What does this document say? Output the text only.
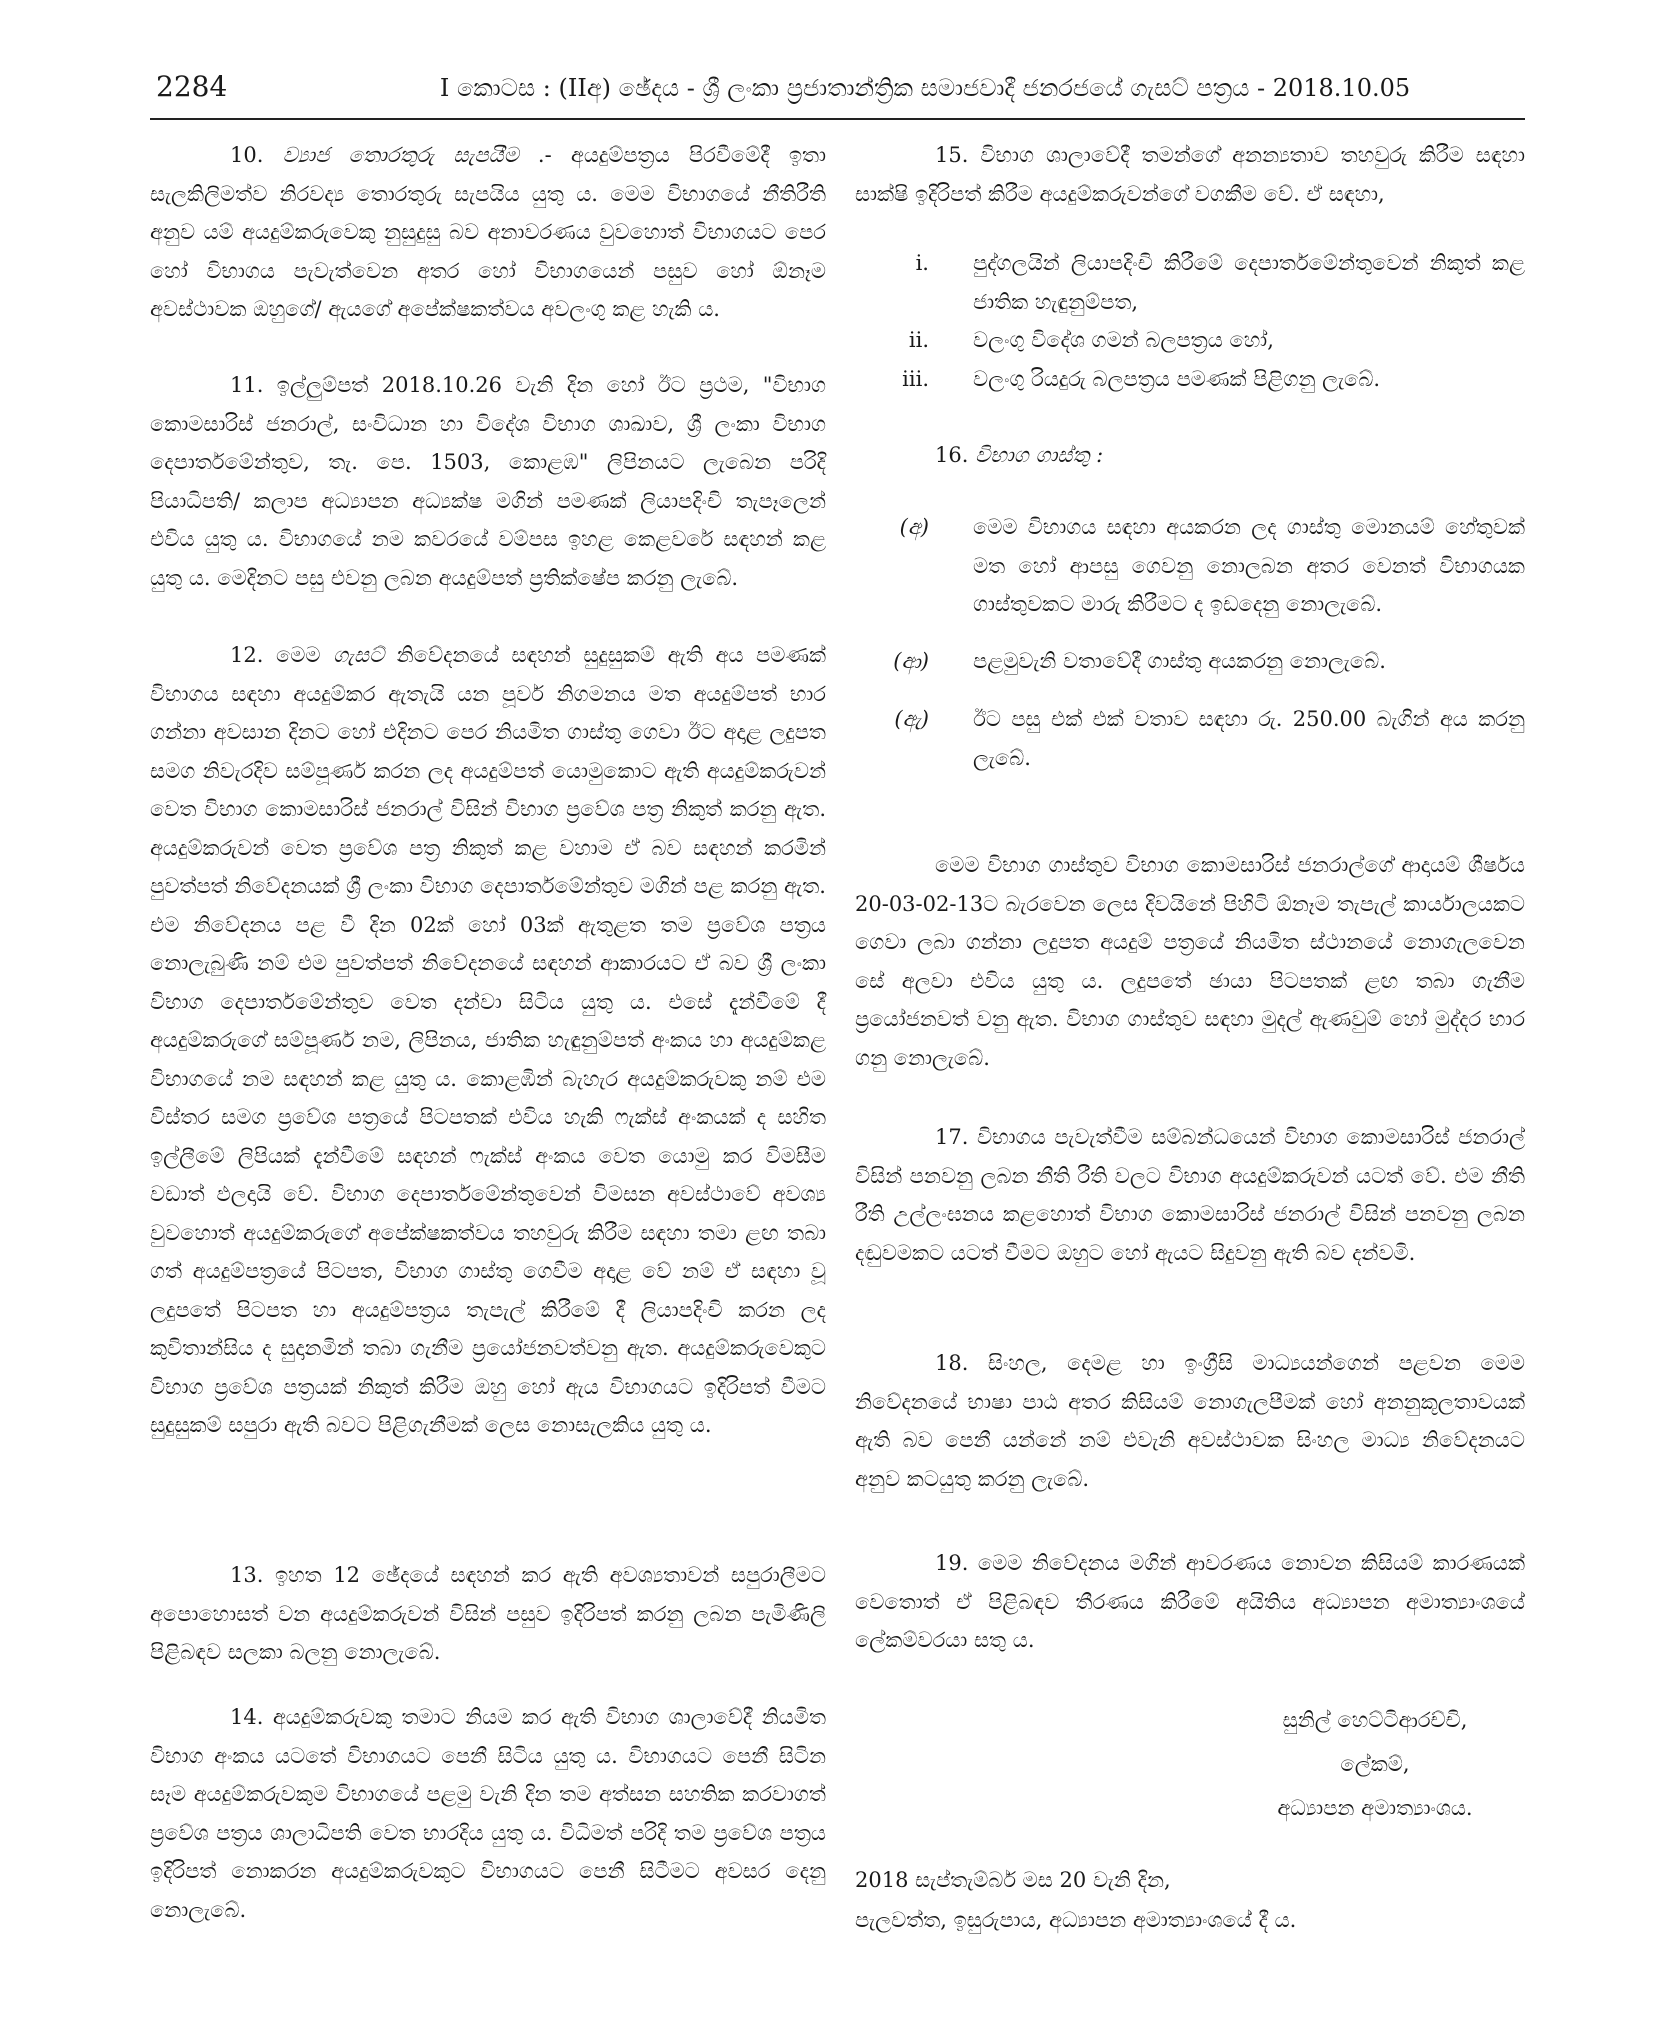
2284	I කොටස : (IIඅ) ඡේදය - ශ්‍රී ලංකා ප්‍රජාතාන්ත්‍රික සමාජවාදී ජනරජයේ ගැසට් පත්‍රය - 2018.10.05

10. ව්‍යාජ තොරතුරු සැපයීම .- අයදුම්පත්‍රය පිරවීමේදී ඉතා සැලකිලිමත්ව නිරවද්‍ය තොරතුරු සැපයිය යුතු ය. මෙම විභාගයේ නීතිරීති අනුව යම් අයදුම්කරුවෙකු නුසුදුසු බව අනාවරණය වුවහොත් විභාගයට පෙර හෝ විභාගය පැවැත්වෙන අතර හෝ විභාගයෙන් පසුව හෝ ඕනෑම අවස්ථාවක ඔහුගේ/ ඇයගේ අපේක්ෂකත්වය අවලංගු කළ හැකි ය.

11. ඉල්ලුම්පත් 2018.10.26 වැනි දින හෝ ඊට ප්‍රථම, "විභාග කොමසාරිස් ජනරාල්, සංවිධාන හා විදේශ විභාග ශාඛාව, ශ්‍රී ලංකා විභාග දෙපාර්තමේන්තුව, තැ. පෙ. 1503, කොළඹ" ලිපිනයට ලැබෙන පරිදි පියාධිපති/ කලාප අධ්‍යාපන අධ්‍යක්ෂ මගින් පමණක් ලියාපදිංචි තැපෑලෙන් එවිය යුතු ය. විභාගයේ නම කවරයේ වම්පස ඉහළ කෙළවරේ සඳහන් කළ යුතු ය. මෙදිනට පසු එවනු ලබන අයදුම්පත් ප්‍රතික්ෂේප කරනු ලැබේ.

12. මෙම ගැසට් නිවේදනයේ සඳහන් සුදුසුකම් ඇති අය පමණක් විභාගය සඳහා අයදුම්කර ඇතැයි යන පූර්ව නිගමනය මත අයදුම්පත් භාර ගන්නා අවසාන දිනට හෝ එදිනට පෙර නියමිත ගාස්තු ගෙවා ඊට අදාළ ලදුපත සමග නිවැරදිව සම්පූර්ණ කරන ලද අයදුම්පත් යොමුකොට ඇති අයදුම්කරුවන් වෙත විභාග කොමසාරිස් ජනරාල් විසින් විභාග ප්‍රවේශ පත්‍ර නිකුත් කරනු ඇත. අයදුම්කරුවන් වෙත ප්‍රවේශ පත්‍ර නිකුත් කළ වහාම ඒ බව සඳහන් කරමින් පුවත්පත් නිවේදනයක් ශ්‍රී ලංකා විභාග දෙපාර්තමේන්තුව මගින් පළ කරනු ඇත. එම නිවේදනය පළ වී දින 02ක් හෝ 03ක් ඇතුළත තම ප්‍රවේශ පත්‍රය නොලැබුණි නම් එම පුවත්පත් නිවේදනයේ සඳහන් ආකාරයට ඒ බව ශ්‍රී ලංකා විභාග දෙපාර්තමේන්තුව වෙත දන්වා සිටිය යුතු ය. එසේ දැන්වීමේ දී අයදුම්කරුගේ සම්පූර්ණ නම, ලිපිනය, ජාතික හැඳුනුම්පත් අංකය හා අයදුම්කළ විභාගයේ නම සඳහන් කළ යුතු ය. කොළඹින් බැහැර අයදුම්කරුවකු නම් එම විස්තර සමග ප්‍රවේශ පත්‍රයේ පිටපතක් එවිය හැකි ෆැක්ස් අංකයක් ද සහිත ඉල්ලීමේ ලිපියක් දැන්වීමේ සඳහන් ෆැක්ස් අංකය වෙත යොමු කර විමසීම වඩාත් ඵලදායි වේ. විභාග දෙපාර්තමේන්තුවෙන් විමසන අවස්ථාවේ අවශ්‍ය වුවහොත් අයදුම්කරුගේ අපේක්ෂකත්වය තහවුරු කිරීම සඳහා තමා ළඟ තබා ගත් අයදුම්පත්‍රයේ පිටපත, විභාග ගාස්තු ගෙවීම අදාළ වේ නම් ඒ සඳහා වූ ලදුපතේ පිටපත හා අයදුම්පත්‍රය තැපැල් කිරීමේ දී ලියාපදිංචි කරන ලද කුවිතාන්සිය ද සුදානමින් තබා ගැනීම ප්‍රයෝජනවත්වනු ඇත. අයදුම්කරුවෙකුට විභාග ප්‍රවේශ පත්‍රයක් නිකුත් කිරීම ඔහු හෝ ඇය විභාගයට ඉදිරිපත් වීමට සුදුසුකම් සපුරා ඇති බවට පිළිගැනීමක් ලෙස නොසැලකිය යුතු ය.

13. ඉහත 12 ඡේදයේ සඳහන් කර ඇති අවශ්‍යතාවන් සපුරාලීමට අපොහොසත් වන අයදුම්කරුවන් විසින් පසුව ඉදිරිපත් කරනු ලබන පැමිණිලි පිළිබඳව සලකා බලනු නොලැබේ.

14. අයදුම්කරුවකු තමාට නියම කර ඇති විභාග ශාලාවේදී නියමිත විභාග අංකය යටතේ විභාගයට පෙනී සිටිය යුතු ය. විභාගයට පෙනී සිටින සෑම අයදුම්කරුවකුම විභාගයේ පළමු වැනි දින තම අත්සන සහතික කරවාගත් ප්‍රවේශ පත්‍රය ශාලාධිපති වෙත භාරදිය යුතු ය. විධිමත් පරිදි තම ප්‍රවේශ පත්‍රය ඉදිරිපත් නොකරන අයදුම්කරුවකුට විභාගයට පෙනී සිටීමට අවසර දෙනු නොලැබේ.

15. විභාග ශාලාවේදී තමන්ගේ අනන්‍යතාව තහවුරු කිරීම සඳහා සාක්ෂි ඉදිරිපත් කිරීම අයදුම්කරුවන්ගේ වගකීම වේ. ඒ සඳහා,

i. පුද්ගලයින් ලියාපදිංචි කිරීමේ දෙපාර්තමේන්තුවෙන් නිකුත් කළ ජාතික හැඳුනුම්පත,
ii. වලංගු විදේශ ගමන් බලපත්‍රය හෝ,
iii. වලංගු රියදුරු බලපත්‍රය පමණක් පිළිගනු ලැබේ.

16. විභාග ගාස්තු :

(අ) මෙම විභාගය සඳහා අයකරන ලද ගාස්තු මොනයම් හේතුවක් මත හෝ ආපසු ගෙවනු නොලබන අතර වෙනත් විභාගයක ගාස්තුවකට මාරු කිරීමට ද ඉඩදෙනු නොලැබේ.
(ආ) පළමුවැනි වතාවේදී ගාස්තු අයකරනු නොලැබේ.
(ඇ) ඊට පසු එක් එක් වතාව සඳහා රු. 250.00 බැගින් අය කරනු ලැබේ.

මෙම විභාග ගාස්තුව විභාග කොමසාරිස් ජනරාල්ගේ ආදායම් ශීර්ෂය 20-03-02-13ට බැරවෙන ලෙස දිවයිනේ පිහිටි ඕනෑම තැපැල් කාර්යාලයකට ගෙවා ලබා ගන්නා ලදුපත අයදුම් පත්‍රයේ නියමිත ස්ථානයේ නොගැලවෙන සේ අලවා එවිය යුතු ය. ලදුපතේ ඡායා පිටපතක් ළඟ තබා ගැනීම ප්‍රයෝජනවත් වනු ඇත. විභාග ගාස්තුව සඳහා මුදල් ඇණවුම් හෝ මුද්දර භාර ගනු නොලැබේ.

17. විභාගය පැවැත්වීම සම්බන්ධයෙන් විභාග කොමසාරිස් ජනරාල් විසින් පනවනු ලබන නීති රීති වලට විභාග අයදුම්කරුවන් යටත් වේ. එම නීති රීති උල්ලංඝනය කළහොත් විභාග කොමසාරිස් ජනරාල් විසින් පනවනු ලබන දඬුවමකට යටත් වීමට ඔහුට හෝ ඇයට සිදුවනු ඇති බව දන්වමි.

18. සිංහල, දෙමළ හා ඉංග්‍රීසි මාධ්‍යයන්ගෙන් පළවන මෙම නිවේදනයේ භාෂා පාඨ අතර කිසියම් නොගැලපීමක් හෝ අනනුකූලතාවයක් ඇති බව පෙනී යන්නේ නම් එවැනි අවස්ථාවක සිංහල මාධ්‍ය නිවේදනයට අනුව කටයුතු කරනු ලැබේ.

19. මෙම නිවේදනය මගින් ආවරණය නොවන කිසියම් කාරණයක් වෙතොත් ඒ පිළිබඳව තීරණය කිරීමේ අයිතිය අධ්‍යාපන අමාත්‍යාංශයේ ලේකම්වරයා සතු ය.

සුනිල් හෙට්ටිආරච්චි,
ලේකම්,
අධ්‍යාපන අමාත්‍යාංශය.
2018 සැප්තැම්බර් මස 20 වැනි දින,
පැලවත්ත, ඉසුරුපාය, අධ්‍යාපන අමාත්‍යාංශයේ දී ය.
